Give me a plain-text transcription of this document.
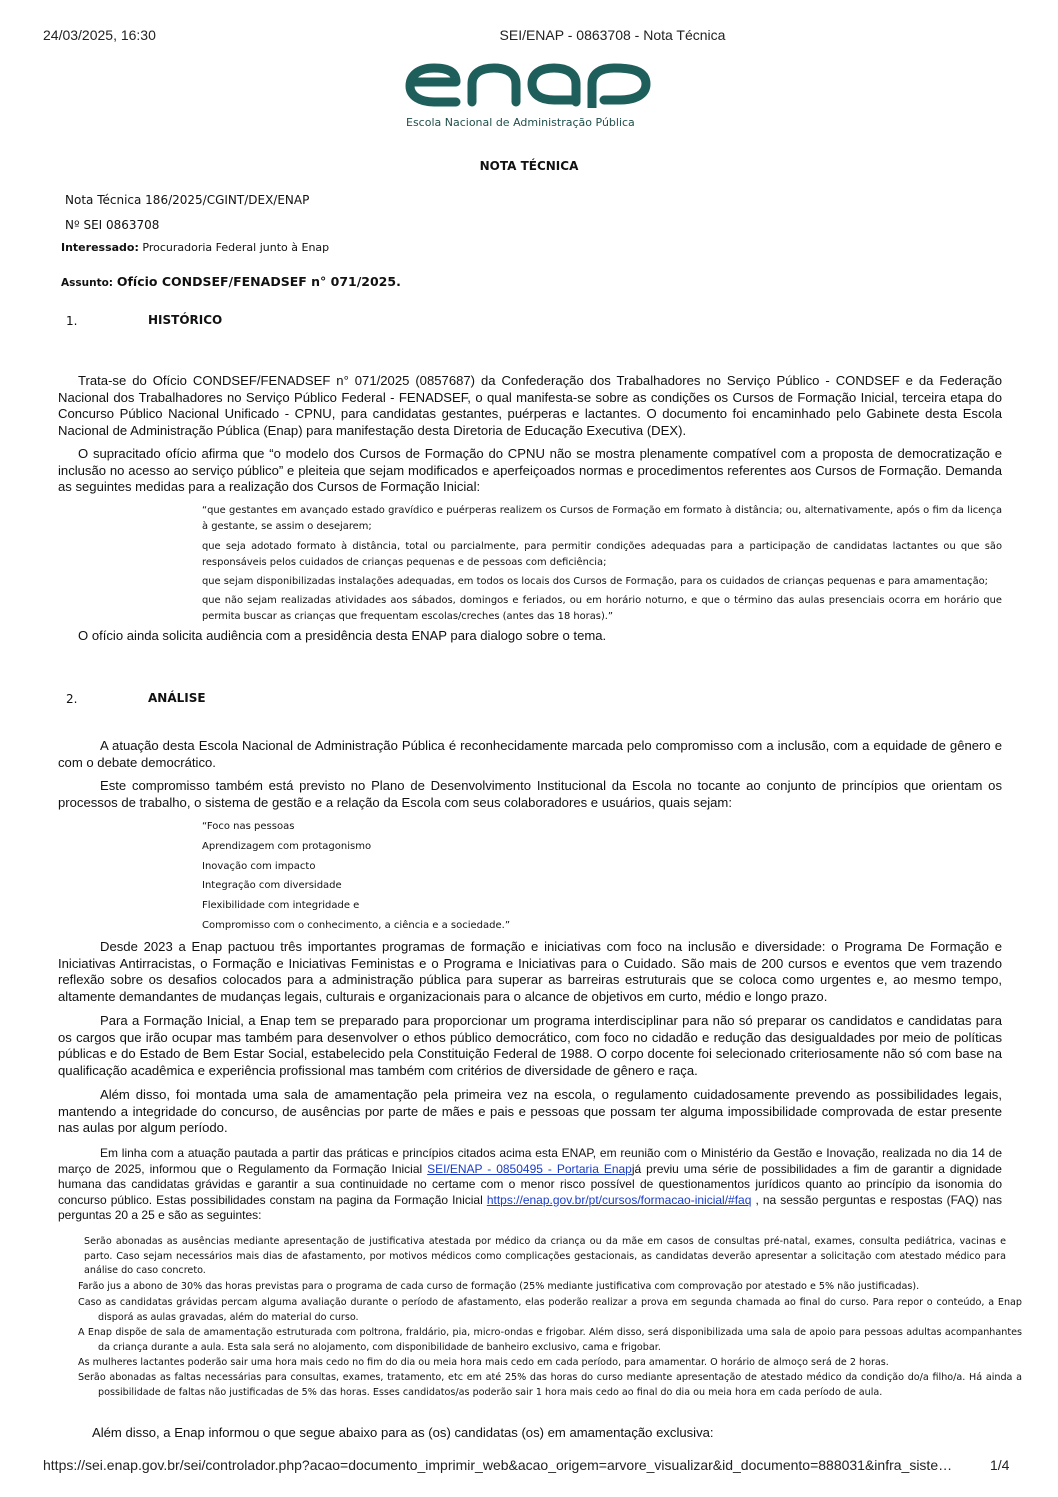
24/03/2025, 16:30	SEI/ENAP - 0863708 - Nota Técnica
Escola Nacional de Administração Pública
NOTA TÉCNICA
Nota Técnica 186/2025/CGINT/DEX/ENAP
Nº SEI 0863708
Interessado: Procuradoria Federal junto à Enap
Assunto: Ofício CONDSEF/FENADSEF n° 071/2025.
1.	HISTÓRICO
Trata-se do Ofício CONDSEF/FENADSEF n° 071/2025 (0857687) da Confederação dos Trabalhadores no Serviço Público - CONDSEF e da Federação Nacional dos Trabalhadores no Serviço Público Federal - FENADSEF, o qual manifesta-se sobre as condições os Cursos de Formação Inicial, terceira etapa do Concurso Público Nacional Unificado - CPNU, para candidatas gestantes, puérperas e lactantes. O documento foi encaminhado pelo Gabinete desta Escola Nacional de Administração Pública (Enap) para manifestação desta Diretoria de Educação Executiva (DEX).
O supracitado ofício afirma que “o modelo dos Cursos de Formação do CPNU não se mostra plenamente compatível com a proposta de democratização e inclusão no acesso ao serviço público” e pleiteia que sejam modificados e aperfeiçoados normas e procedimentos referentes aos Cursos de Formação. Demanda as seguintes medidas para a realização dos Cursos de Formação Inicial:
“que gestantes em avançado estado gravídico e puérperas realizem os Cursos de Formação em formato à distância; ou, alternativamente, após o fim da licença à gestante, se assim o desejarem;
que seja adotado formato à distância, total ou parcialmente, para permitir condições adequadas para a participação de candidatas lactantes ou que são responsáveis pelos cuidados de crianças pequenas e de pessoas com deficiência;
que sejam disponibilizadas instalações adequadas, em todos os locais dos Cursos de Formação, para os cuidados de crianças pequenas e para amamentação;
que não sejam realizadas atividades aos sábados, domingos e feriados, ou em horário noturno, e que o término das aulas presenciais ocorra em horário que permita buscar as crianças que frequentam escolas/creches (antes das 18 horas).”
O ofício ainda solicita audiência com a presidência desta ENAP para dialogo sobre o tema.
2.	ANÁLISE
A atuação desta Escola Nacional de Administração Pública é reconhecidamente marcada pelo compromisso com a inclusão, com a equidade de gênero e com o debate democrático.
Este compromisso também está previsto no Plano de Desenvolvimento Institucional da Escola no tocante ao conjunto de princípios que orientam os processos de trabalho, o sistema de gestão e a relação da Escola com seus colaboradores e usuários, quais sejam:
“Foco nas pessoas
Aprendizagem com protagonismo
Inovação com impacto
Integração com diversidade
Flexibilidade com integridade e
Compromisso com o conhecimento, a ciência e a sociedade.”
Desde 2023 a Enap pactuou três importantes programas de formação e iniciativas com foco na inclusão e diversidade: o Programa De Formação e Iniciativas Antirracistas, o Formação e Iniciativas Feministas e o Programa e Iniciativas para o Cuidado. São mais de 200 cursos e eventos que vem trazendo reflexão sobre os desafios colocados para a administração pública para superar as barreiras estruturais que se coloca como urgentes e, ao mesmo tempo, altamente demandantes de mudanças legais, culturais e organizacionais para o alcance de objetivos em curto, médio e longo prazo.
Para a Formação Inicial, a Enap tem se preparado para proporcionar um programa interdisciplinar para não só preparar os candidatos e candidatas para os cargos que irão ocupar mas também para desenvolver o ethos público democrático, com foco no cidadão e redução das desigualdades por meio de políticas públicas e do Estado de Bem Estar Social, estabelecido pela Constituição Federal de 1988. O corpo docente foi selecionado criteriosamente não só com base na qualificação acadêmica e experiência profissional mas também com critérios de diversidade de gênero e raça.
Além disso, foi montada uma sala de amamentação pela primeira vez na escola, o regulamento cuidadosamente prevendo as possibilidades legais, mantendo a integridade do concurso, de ausências por parte de mães e pais e pessoas que possam ter alguma impossibilidade comprovada de estar presente nas aulas por algum período.
Em linha com a atuação pautada a partir das práticas e princípios citados acima esta ENAP, em reunião com o Ministério da Gestão e Inovação, realizada no dia 14 de março de 2025, informou que o Regulamento da Formação Inicial SEI/ENAP - 0850495 - Portaria Enapjá previu uma série de possibilidades a fim de garantir a dignidade humana das candidatas grávidas e garantir a sua continuidade no certame com o menor risco possível de questionamentos jurídicos quanto ao princípio da isonomia do concurso público. Estas possibilidades constam na pagina da Formação Inicial https://enap.gov.br/pt/cursos/formacao-inicial/#faq , na sessão perguntas e respostas (FAQ) nas perguntas 20 a 25 e são as seguintes:
Serão abonadas as ausências mediante apresentação de justificativa atestada por médico da criança ou da mãe em casos de consultas pré-natal, exames, consulta pediátrica, vacinas e parto. Caso sejam necessários mais dias de afastamento, por motivos médicos como complicações gestacionais, as candidatas deverão apresentar a solicitação com atestado médico para análise do caso concreto.
Farão jus a abono de 30% das horas previstas para o programa de cada curso de formação (25% mediante justificativa com comprovação por atestado e 5% não justificadas).
Caso as candidatas grávidas percam alguma avaliação durante o período de afastamento, elas poderão realizar a prova em segunda chamada ao final do curso. Para repor o conteúdo, a Enap disporá as aulas gravadas, além do material do curso.
A Enap dispõe de sala de amamentação estruturada com poltrona, fraldário, pia, micro-ondas e frigobar. Além disso, será disponibilizada uma sala de apoio para pessoas adultas acompanhantes da criança durante a aula. Esta sala será no alojamento, com disponibilidade de banheiro exclusivo, cama e frigobar.
As mulheres lactantes poderão sair uma hora mais cedo no fim do dia ou meia hora mais cedo em cada período, para amamentar. O horário de almoço será de 2 horas.
Serão abonadas as faltas necessárias para consultas, exames, tratamento, etc em até 25% das horas do curso mediante apresentação de atestado médico da condição do/a filho/a. Há ainda a possibilidade de faltas não justificadas de 5% das horas. Esses candidatos/as poderão sair 1 hora mais cedo ao final do dia ou meia hora em cada período de aula.
Além disso, a Enap informou o que segue abaixo para as (os) candidatas (os) em amamentação exclusiva:
https://sei.enap.gov.br/sei/controlador.php?acao=documento_imprimir_web&acao_origem=arvore_visualizar&id_documento=888031&infra_siste…	1/4
